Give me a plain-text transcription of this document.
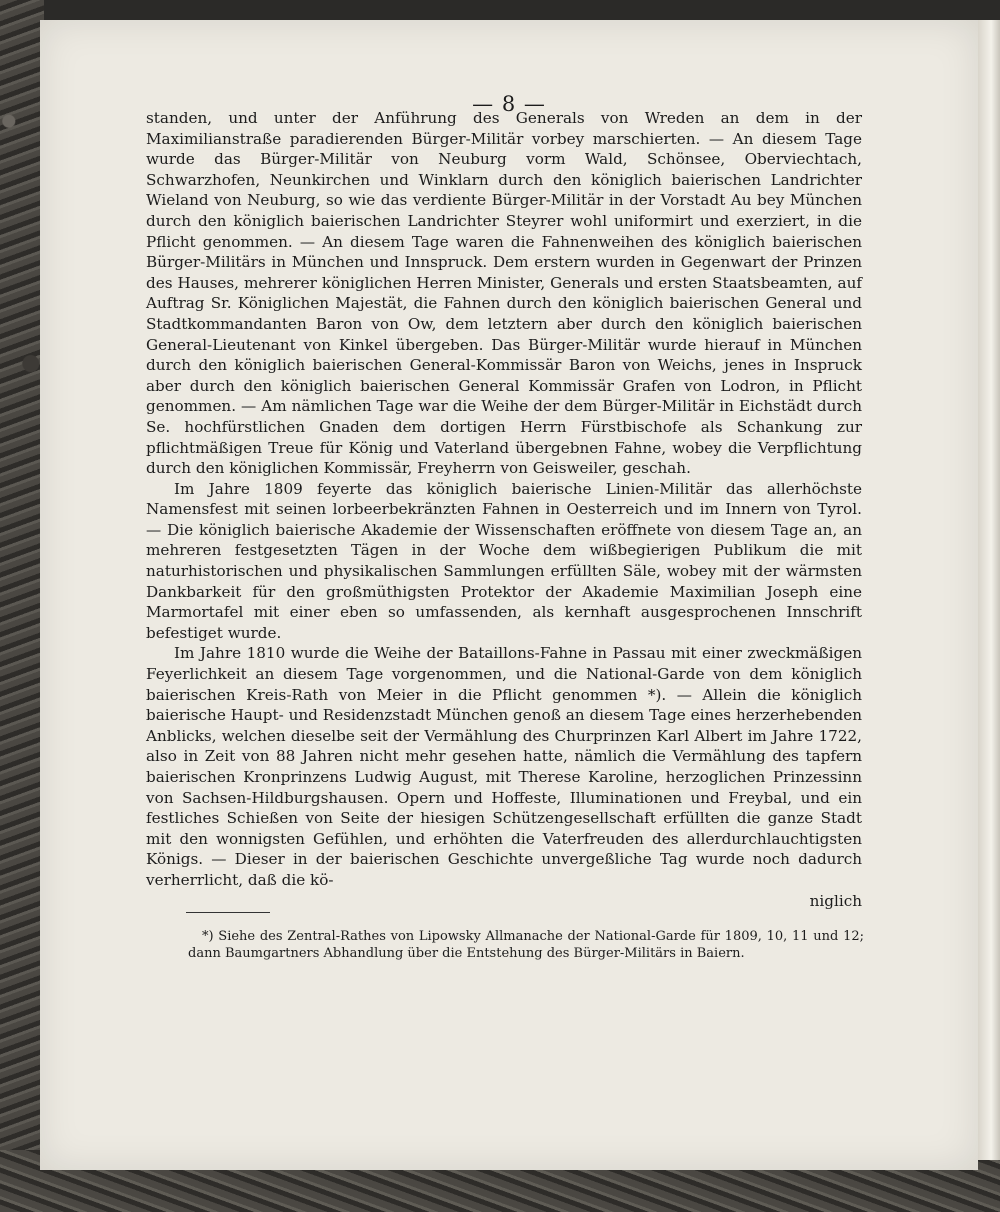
— 8 —

standen, und unter der Anführung des Generals von Wreden an dem in der Maximilianstraße paradierenden Bürger-Militär vorbey marschierten. — An diesem Tage wurde das Bürger-Militär von Neuburg vorm Wald, Schönsee, Oberviechtach, Schwarzhofen, Neunkirchen und Winklarn durch den königlich baierischen Landrichter Wieland von Neuburg, so wie das verdiente Bürger-Militär in der Vorstadt Au bey München durch den königlich baierischen Landrichter Steyrer wohl uniformirt und exerziert, in die Pflicht genommen. — An diesem Tage waren die Fahnenweihen des königlich baierischen Bürger-Militärs in München und Innspruck. Dem erstern wurden in Gegenwart der Prinzen des Hauses, mehrerer königlichen Herren Minister, Generals und ersten Staatsbeamten, auf Auftrag Sr. Königlichen Majestät, die Fahnen durch den königlich baierischen General und Stadtkommandanten Baron von Ow, dem letztern aber durch den königlich baierischen General-Lieutenant von Kinkel übergeben. Das Bürger-Militär wurde hierauf in München durch den königlich baierischen General-Kommissär Baron von Weichs, jenes in Inspruck aber durch den königlich baierischen General Kommissär Grafen von Lodron, in Pflicht genommen. — Am nämlichen Tage war die Weihe der dem Bürger-Militär in Eichstädt durch Se. hochfürstlichen Gnaden dem dortigen Herrn Fürstbischofe als Schankung zur pflichtmäßigen Treue für König und Vaterland übergebnen Fahne, wobey die Verpflichtung durch den königlichen Kommissär, Freyherrn von Geisweiler, geschah.

Im Jahre 1809 feyerte das königlich baierische Linien-Militär das allerhöchste Namensfest mit seinen lorbeerbekränzten Fahnen in Oesterreich und im Innern von Tyrol. — Die königlich baierische Akademie der Wissenschaften eröffnete von diesem Tage an, an mehreren festgesetzten Tägen in der Woche dem wißbegierigen Publikum die mit naturhistorischen und physikalischen Sammlungen erfüllten Säle, wobey mit der wärmsten Dankbarkeit für den großmüthigsten Protektor der Akademie Maximilian Joseph eine Marmortafel mit einer eben so umfassenden, als kernhaft ausgesprochenen Innschrift befestiget wurde.

Im Jahre 1810 wurde die Weihe der Bataillons-Fahne in Passau mit einer zweckmäßigen Feyerlichkeit an diesem Tage vorgenommen, und die National-Garde von dem königlich baierischen Kreis-Rath von Meier in die Pflicht genommen *). — Allein die königlich baierische Haupt- und Residenzstadt München genoß an diesem Tage eines herzerhebenden Anblicks, welchen dieselbe seit der Vermählung des Churprinzen Karl Albert im Jahre 1722, also in Zeit von 88 Jahren nicht mehr gesehen hatte, nämlich die Vermählung des tapfern baierischen Kronprinzens Ludwig August, mit Therese Karoline, herzoglichen Prinzessinn von Sachsen-Hildburgshausen. Opern und Hoffeste, Illuminationen und Freybal, und ein festliches Schießen von Seite der hiesigen Schützengesellschaft erfüllten die ganze Stadt mit den wonnigsten Gefühlen, und erhöhten die Vaterfreuden des allerdurchlauchtigsten Königs. — Dieser in der baierischen Geschichte unvergeßliche Tag wurde noch dadurch verherrlicht, daß die kö-

niglich

*) Siehe des Zentral-Rathes von Lipowsky Allmanache der National-Garde für 1809, 10, 11 und 12; dann Baumgartners Abhandlung über die Entstehung des Bürger-Militärs in Baiern.
